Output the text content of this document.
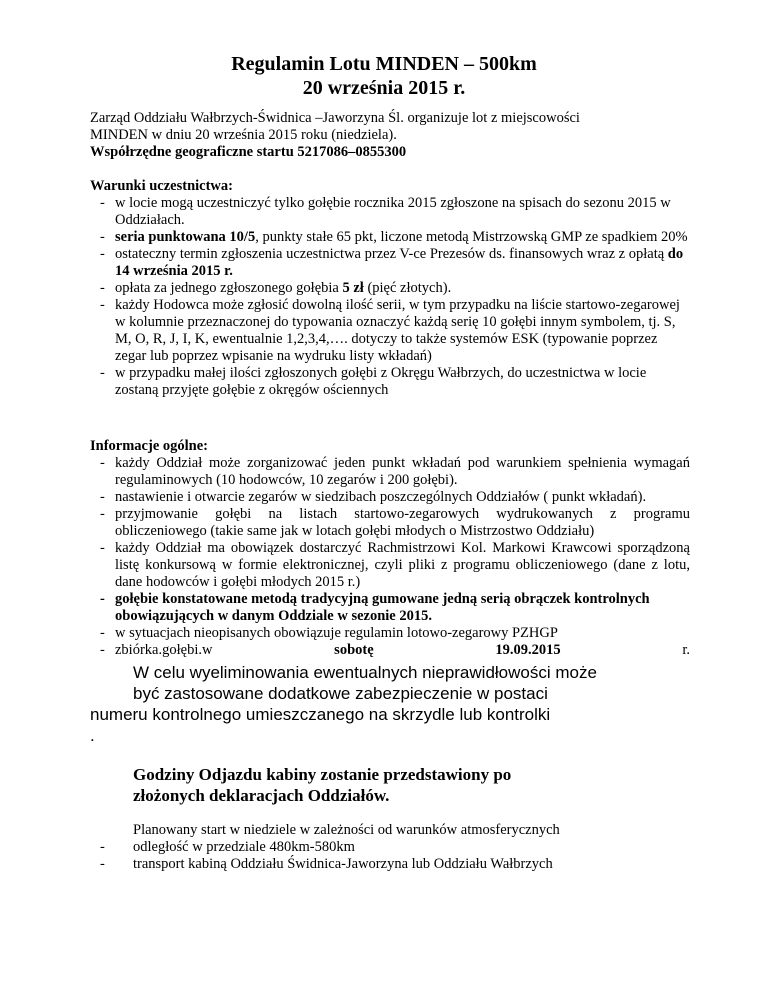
Regulamin Lotu MINDEN – 500km
20 września 2015 r.
Zarząd Oddziału Wałbrzych-Świdnica –Jaworzyna Śl. organizuje lot z miejscowości
MINDEN w dniu 20 września 2015 roku (niedziela).
Współrzędne geograficzne startu 5217086–0855300
Warunki uczestnictwa:
- w locie mogą uczestniczyć tylko gołębie rocznika 2015 zgłoszone na spisach do sezonu 2015 w Oddziałach.
- seria punktowana 10/5, punkty stałe 65 pkt, liczone metodą Mistrzowską GMP ze spadkiem 20%
- ostateczny termin zgłoszenia uczestnictwa przez V-ce Prezesów ds. finansowych wraz z opłatą do 14 września 2015 r.
- opłata za jednego zgłoszonego gołębia 5 zł (pięć złotych).
- każdy Hodowca może zgłosić dowolną ilość serii, w tym przypadku na liście startowo-zegarowej w kolumnie przeznaczonej do typowania oznaczyć każdą serię 10 gołębi innym symbolem, tj. S, M, O, R, J, I, K, ewentualnie 1,2,3,4,…. dotyczy to także systemów ESK (typowanie poprzez zegar lub poprzez wpisanie na wydruku listy wkładań)
- w przypadku małej ilości zgłoszonych gołębi z Okręgu Wałbrzych, do uczestnictwa w locie zostaną przyjęte gołębie z okręgów ościennych
Informacje ogólne:
- każdy Oddział może zorganizować jeden punkt wkładań pod warunkiem spełnienia wymagań regulaminowych (10 hodowców, 10 zegarów i 200 gołębi).
- nastawienie i otwarcie zegarów w siedzibach poszczególnych Oddziałów ( punkt wkładań).
- przyjmowanie gołębi na listach startowo-zegarowych wydrukowanych z programu obliczeniowego (takie same jak w lotach gołębi młodych o Mistrzostwo Oddziału)
- każdy Oddział ma obowiązek dostarczyć Rachmistrzowi Kol. Markowi Krawcowi sporządzoną listę konkursową w formie elektronicznej, czyli pliki z programu obliczeniowego (dane z lotu, dane hodowców i gołębi młodych 2015 r.)
- gołębie konstatowane metodą tradycyjną gumowane jedną serią obrączek kontrolnych obowiązujących w danym Oddziale w sezonie 2015.
- w sytuacjach nieopisanych obowiązuje regulamin lotowo-zegarowy PZHGP
- zbiórka.gołębi.w	sobotę	19.09.2015	r.
W celu wyeliminowania ewentualnych nieprawidłowości może
być zastosowane dodatkowe zabezpieczenie w postaci
numeru kontrolnego umieszczanego na skrzydle lub kontrolki
.
Godziny Odjazdu kabiny zostanie przedstawiony po
złożonych deklaracjach Oddziałów.
Planowany start w niedziele w zależności od warunków atmosferycznych
- odległość w przedziale 480km-580km
- transport kabiną Oddziału Świdnica-Jaworzyna lub Oddziału Wałbrzych
